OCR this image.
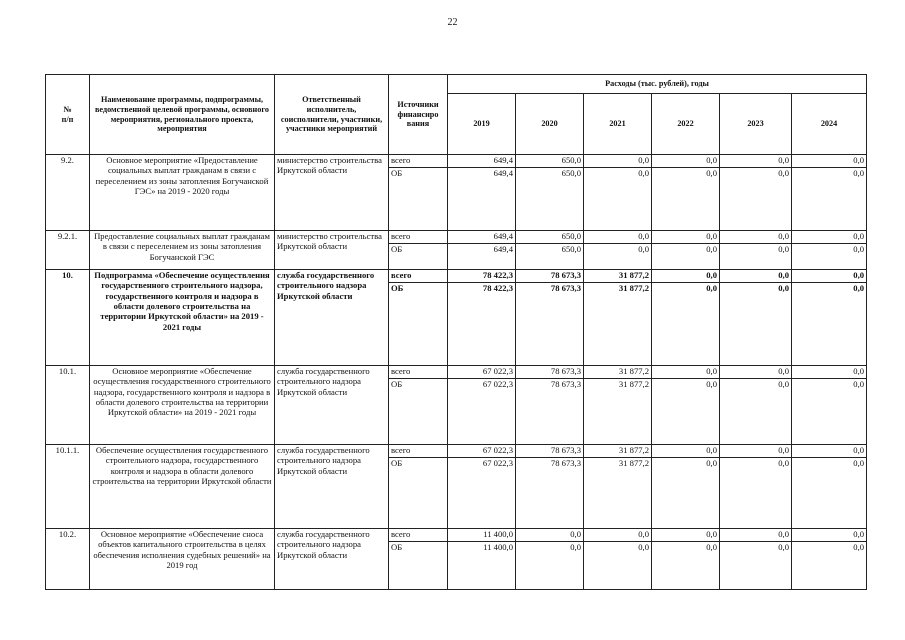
22
№
п/п	Наименование программы, подпрограммы, ведомственной целевой программы, основного мероприятия, регионального проекта, мероприятия	Ответственный исполнитель, соисполнители, участники, участники мероприятий	Источники финансиро вания	Расходы (тыс. рублей), годы					
				2019	2020	2021	2022	2023	2024
9.2.	Основное мероприятие «Предоставление социальных выплат гражданам в связи с переселением из зоны затопления Богучанской ГЭС» на 2019 - 2020 годы	министерство строительства Иркутской области	всего	649,4	650,0	0,0	0,0	0,0	0,0
			ОБ	649,4	650,0	0,0	0,0	0,0	0,0
9.2.1.	Предоставление социальных выплат гражданам в связи с переселением из зоны затопления Богучанской ГЭС	министерство строительства Иркутской области	всего	649,4	650,0	0,0	0,0	0,0	0,0
			ОБ	649,4	650,0	0,0	0,0	0,0	0,0
10.	Подпрограмма «Обеспечение осуществления государственного строительного надзора, государственного контроля и надзора в области долевого строительства на территории Иркутской области» на 2019 - 2021 годы	служба государственного строительного надзора Иркутской области	всего	78 422,3	78 673,3	31 877,2	0,0	0,0	0,0
			ОБ	78 422,3	78 673,3	31 877,2	0,0	0,0	0,0
10.1.	Основное мероприятие «Обеспечение осуществления государственного строительного надзора, государственного контроля и надзора в области долевого строительства на территории Иркутской области» на 2019 - 2021 годы	служба государственного строительного надзора Иркутской области	всего	67 022,3	78 673,3	31 877,2	0,0	0,0	0,0
			ОБ	67 022,3	78 673,3	31 877,2	0,0	0,0	0,0
10.1.1.	Обеспечение осуществления государственного строительного надзора, государственного контроля и надзора в области долевого строительства на территории Иркутской области	служба государственного строительного надзора Иркутской области	всего	67 022,3	78 673,3	31 877,2	0,0	0,0	0,0
			ОБ	67 022,3	78 673,3	31 877,2	0,0	0,0	0,0
10.2.	Основное мероприятие «Обеспечение сноса объектов капитального строительства в целях обеспечения исполнения судебных решений» на 2019 год	служба государственного строительного надзора Иркутской области	всего	11 400,0	0,0	0,0	0,0	0,0	0,0
			ОБ	11 400,0	0,0	0,0	0,0	0,0	0,0
